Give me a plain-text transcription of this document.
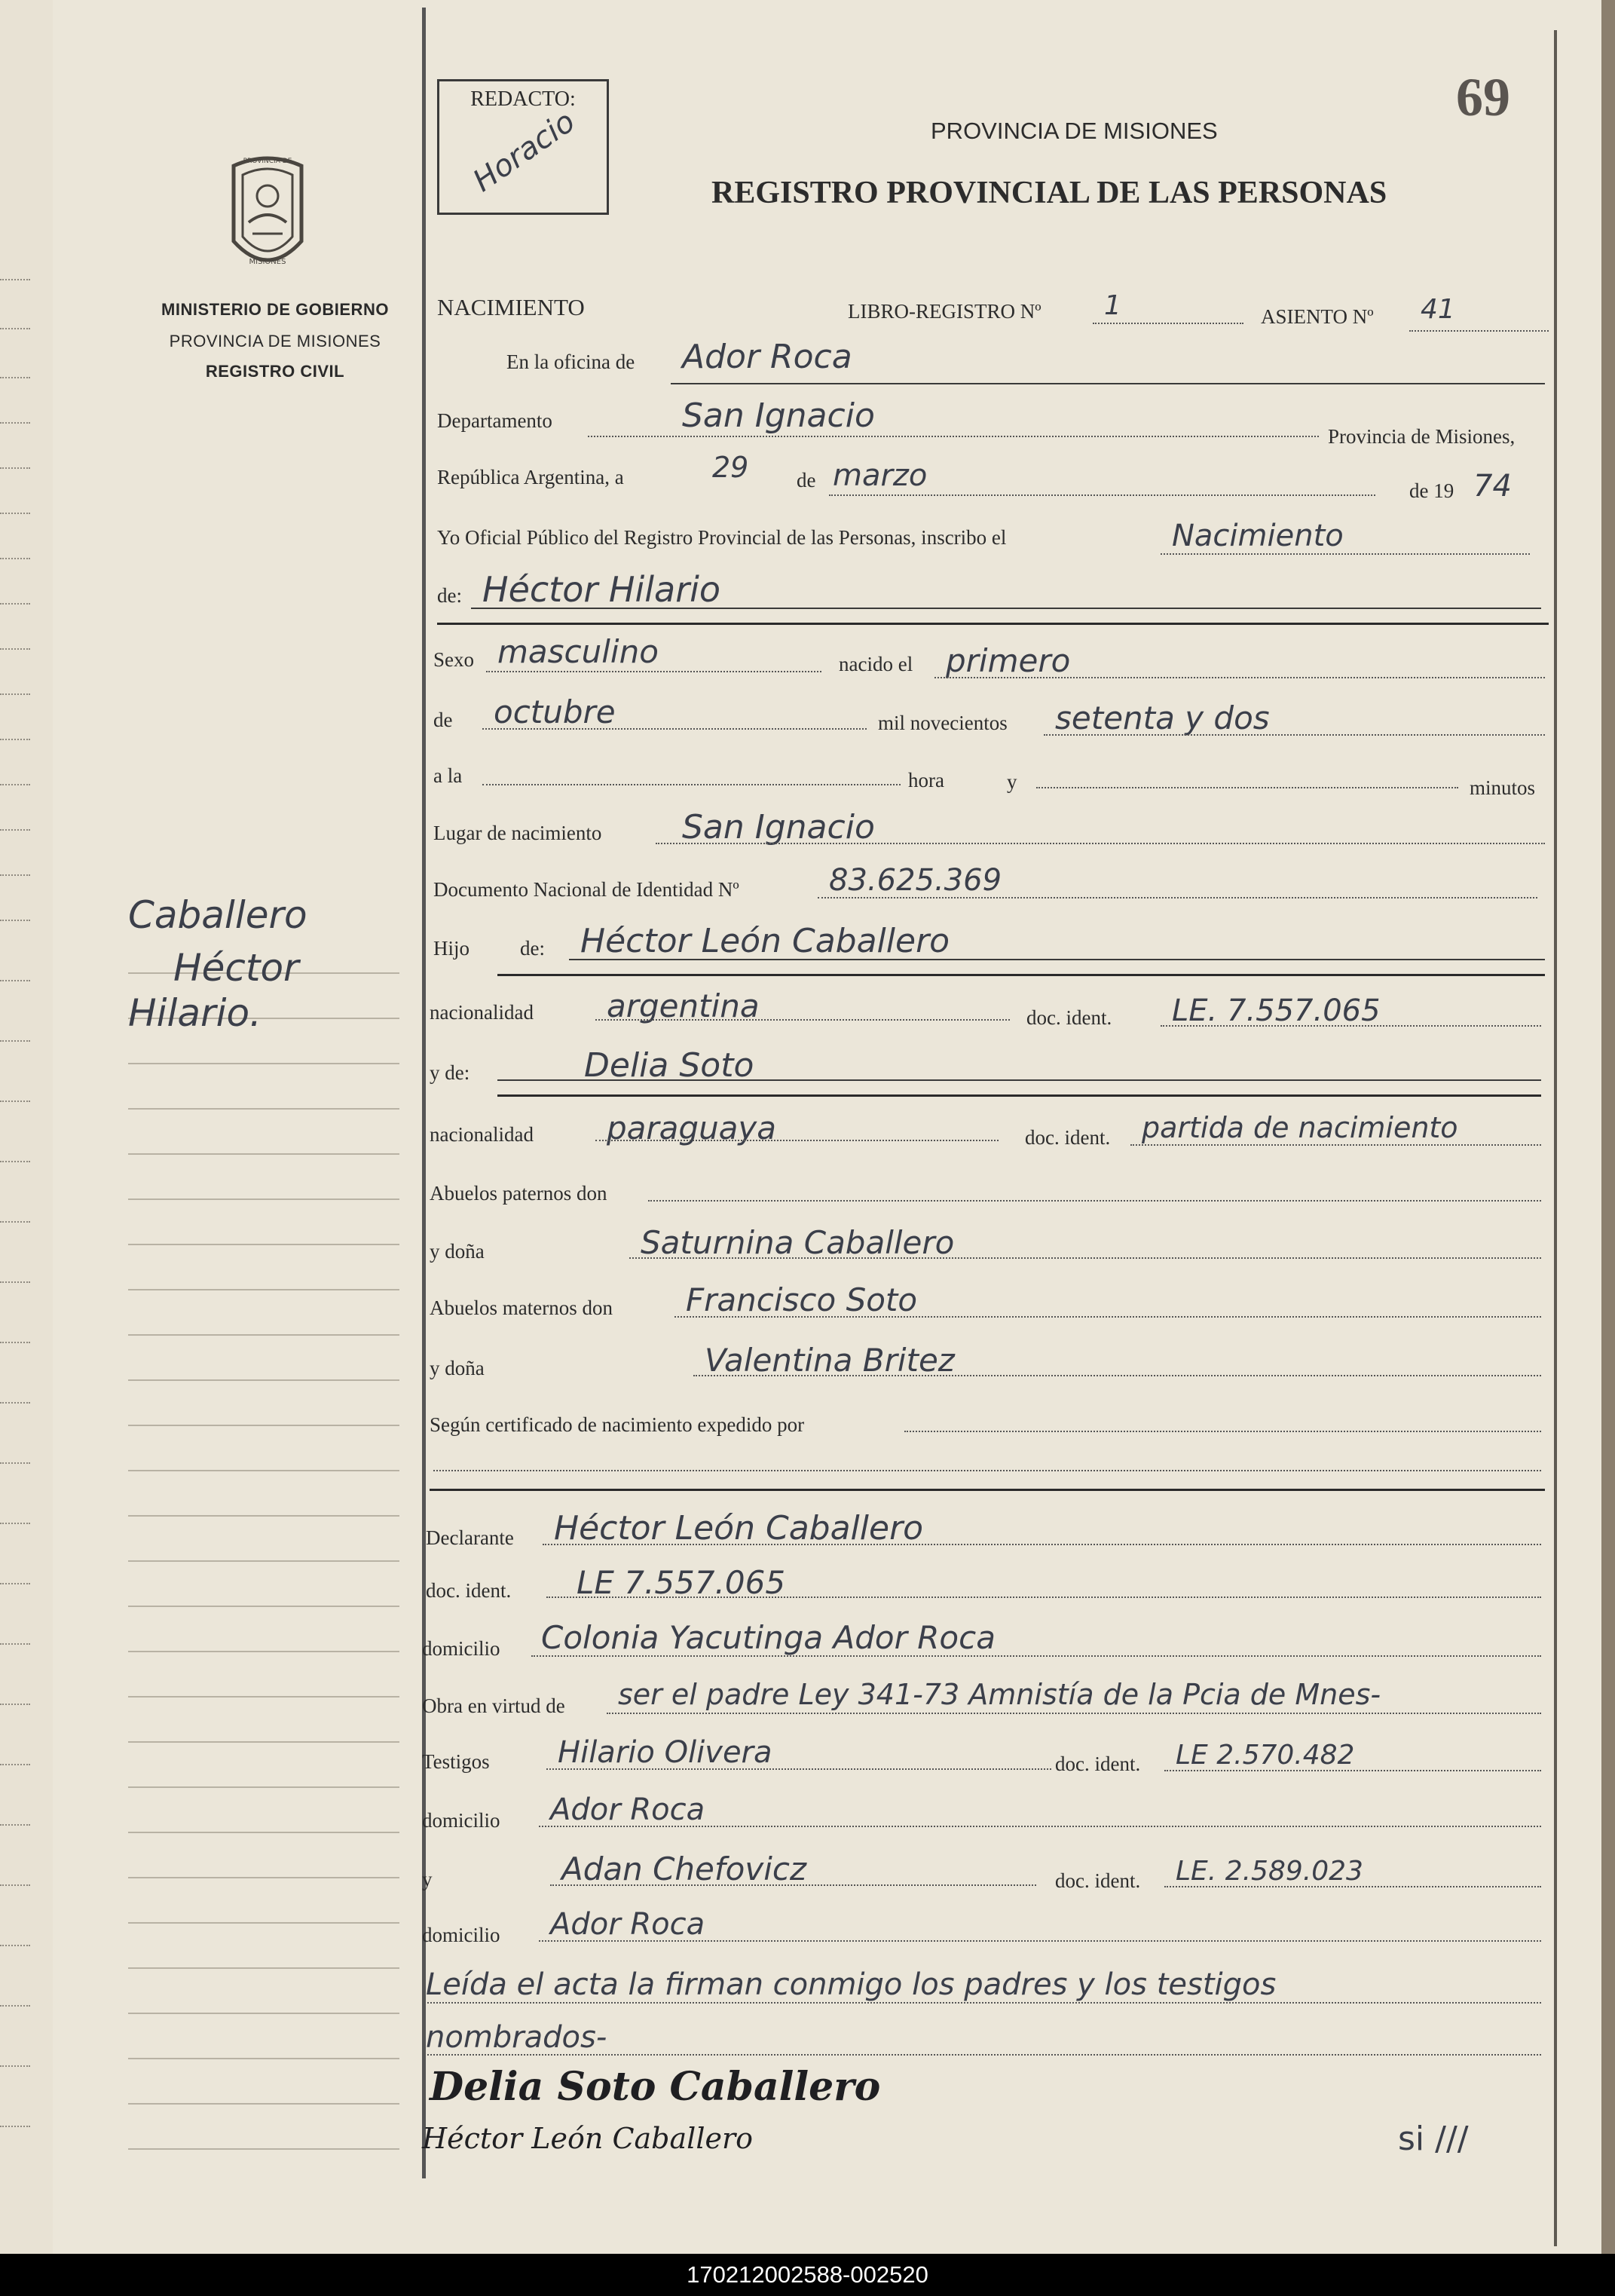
PROVINCIA DE
MISIONES
MINISTERIO DE GOBIERNO
PROVINCIA DE MISIONES
REGISTRO CIVIL
Caballero
Héctor
Hilario.
REDACTO:
Horacio
69
PROVINCIA DE MISIONES
REGISTRO PROVINCIAL DE LAS PERSONAS
NACIMIENTO	LIBRO-REGISTRO Nº 1	ASIENTO Nº 41
En la oficina de Ador Roca
Departamento	San Ignacio
Provincia de Misiones,
República Argentina, a	29 de marzo	de 19 74
Yo Oficial Público del Registro Provincial de las Personas, inscribo el	Nacimiento
de: Héctor Hilario
Sexo masculino	nacido el primero
de octubre	mil novecientos setenta y dos
a la	hora	y	minutos
Lugar de nacimiento San Ignacio
Documento Nacional de Identidad Nº	83.625.369
Hijo de: Héctor León Caballero
nacionalidad argentina	doc. ident. LE. 7.557.065
y de:	Delia Soto
nacionalidad paraguaya	doc. ident. partida de nacimiento
Abuelos paternos don
y doña	Saturnina Caballero
Abuelos maternos don Francisco Soto
y doña	Valentina Britez
Según certificado de nacimiento expedido por
Declarante Héctor León Caballero
doc. ident. LE 7.557.065
domicilio Colonia Yacutinga Ador Roca
Obra en virtud de ser el padre Ley 341-73 Amnistía de la Pcia de Mnes-
Testigos Hilario Olivera	doc. ident. LE 2.570.482
domicilio Ador Roca
y	Adan Chefovicz	doc. ident. LE. 2.589.023
domicilio Ador Roca
Leída el acta la firman conmigo los padres y los testigos
nombrados-
Delia Soto Caballero
Héctor León Caballero	si ///
170212002588-002520
